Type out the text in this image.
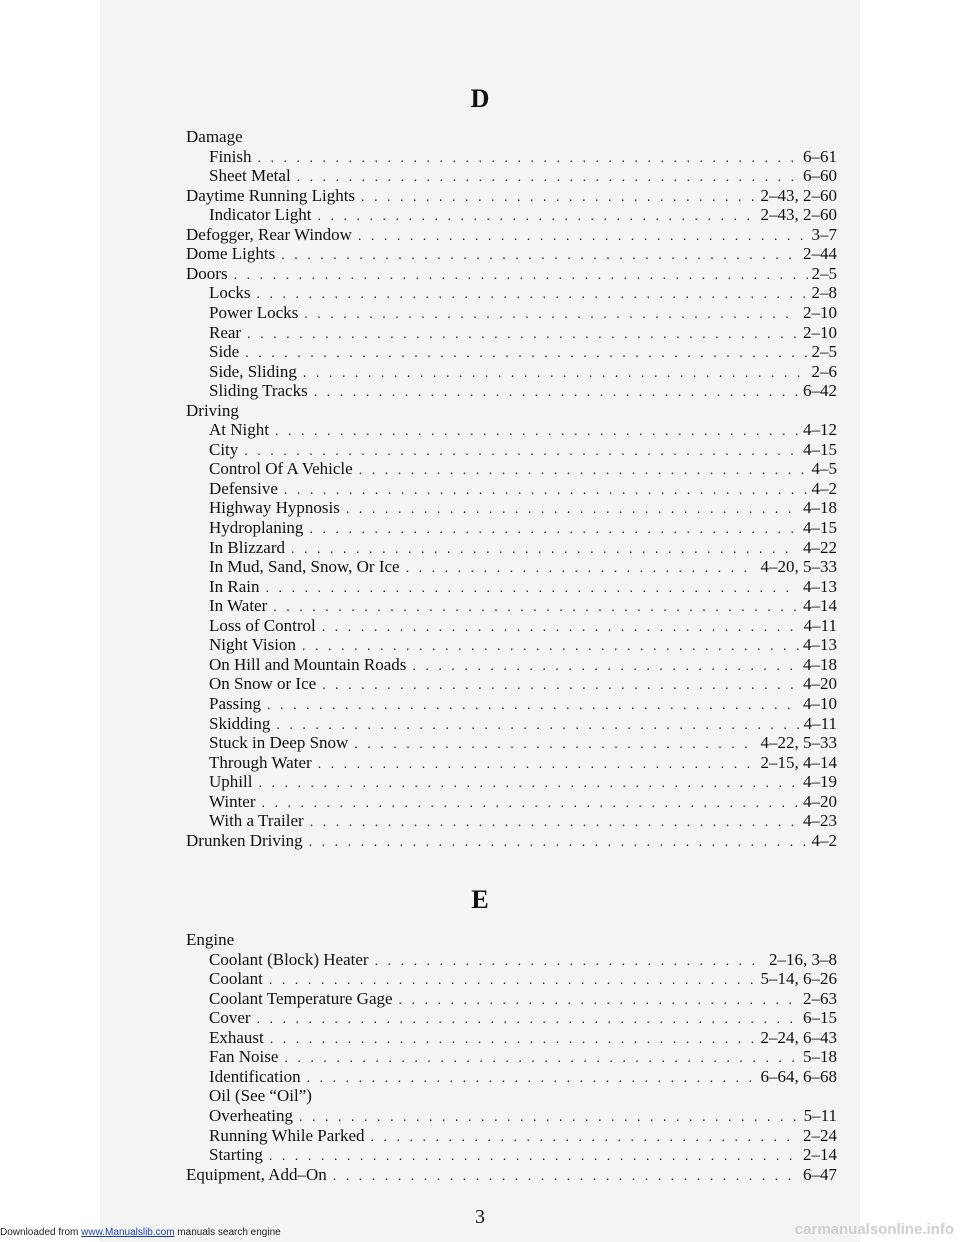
D
Damage
Finish . . .	6–61
Sheet Metal . . .	6–60
Daytime Running Lights . . .	2–43, 2–60
Indicator Light . . .	2–43, 2–60
Defogger, Rear Window . . .	3–7
Dome Lights . . .	2–44
Doors . . .	2–5
Locks . . .	2–8
Power Locks . . .	2–10
Rear . . .	2–10
Side . . .	2–5
Side, Sliding . . .	2–6
Sliding Tracks . . .	6–42
Driving
At Night . . .	4–12
City . . .	4–15
Control Of A Vehicle . . .	4–5
Defensive . . .	4–2
Highway Hypnosis . . .	4–18
Hydroplaning . . .	4–15
In Blizzard . . .	4–22
In Mud, Sand, Snow, Or Ice . . .	4–20, 5–33
In Rain . . .	4–13
In Water . . .	4–14
Loss of Control . . .	4–11
Night Vision . . .	4–13
On Hill and Mountain Roads . . .	4–18
On Snow or Ice . . .	4–20
Passing . . .	4–10
Skidding . . .	4–11
Stuck in Deep Snow . . .	4–22, 5–33
Through Water . . .	2–15, 4–14
Uphill . . .	4–19
Winter . . .	4–20
With a Trailer . . .	4–23
Drunken Driving . . .	4–2
E
Engine
Coolant (Block) Heater . . .	2–16, 3–8
Coolant . . .	5–14, 6–26
Coolant Temperature Gage . . .	2–63
Cover . . .	6–15
Exhaust . . .	2–24, 6–43
Fan Noise . . .	5–18
Identification . . .	6–64, 6–68
Oil (See “Oil”)
Overheating . . .	5–11
Running While Parked . . .	2–24
Starting . . .	2–14
Equipment, Add–On . . .	6–47
3
Downloaded from www.Manualslib.com manuals search engine	carmanualsonline.info
